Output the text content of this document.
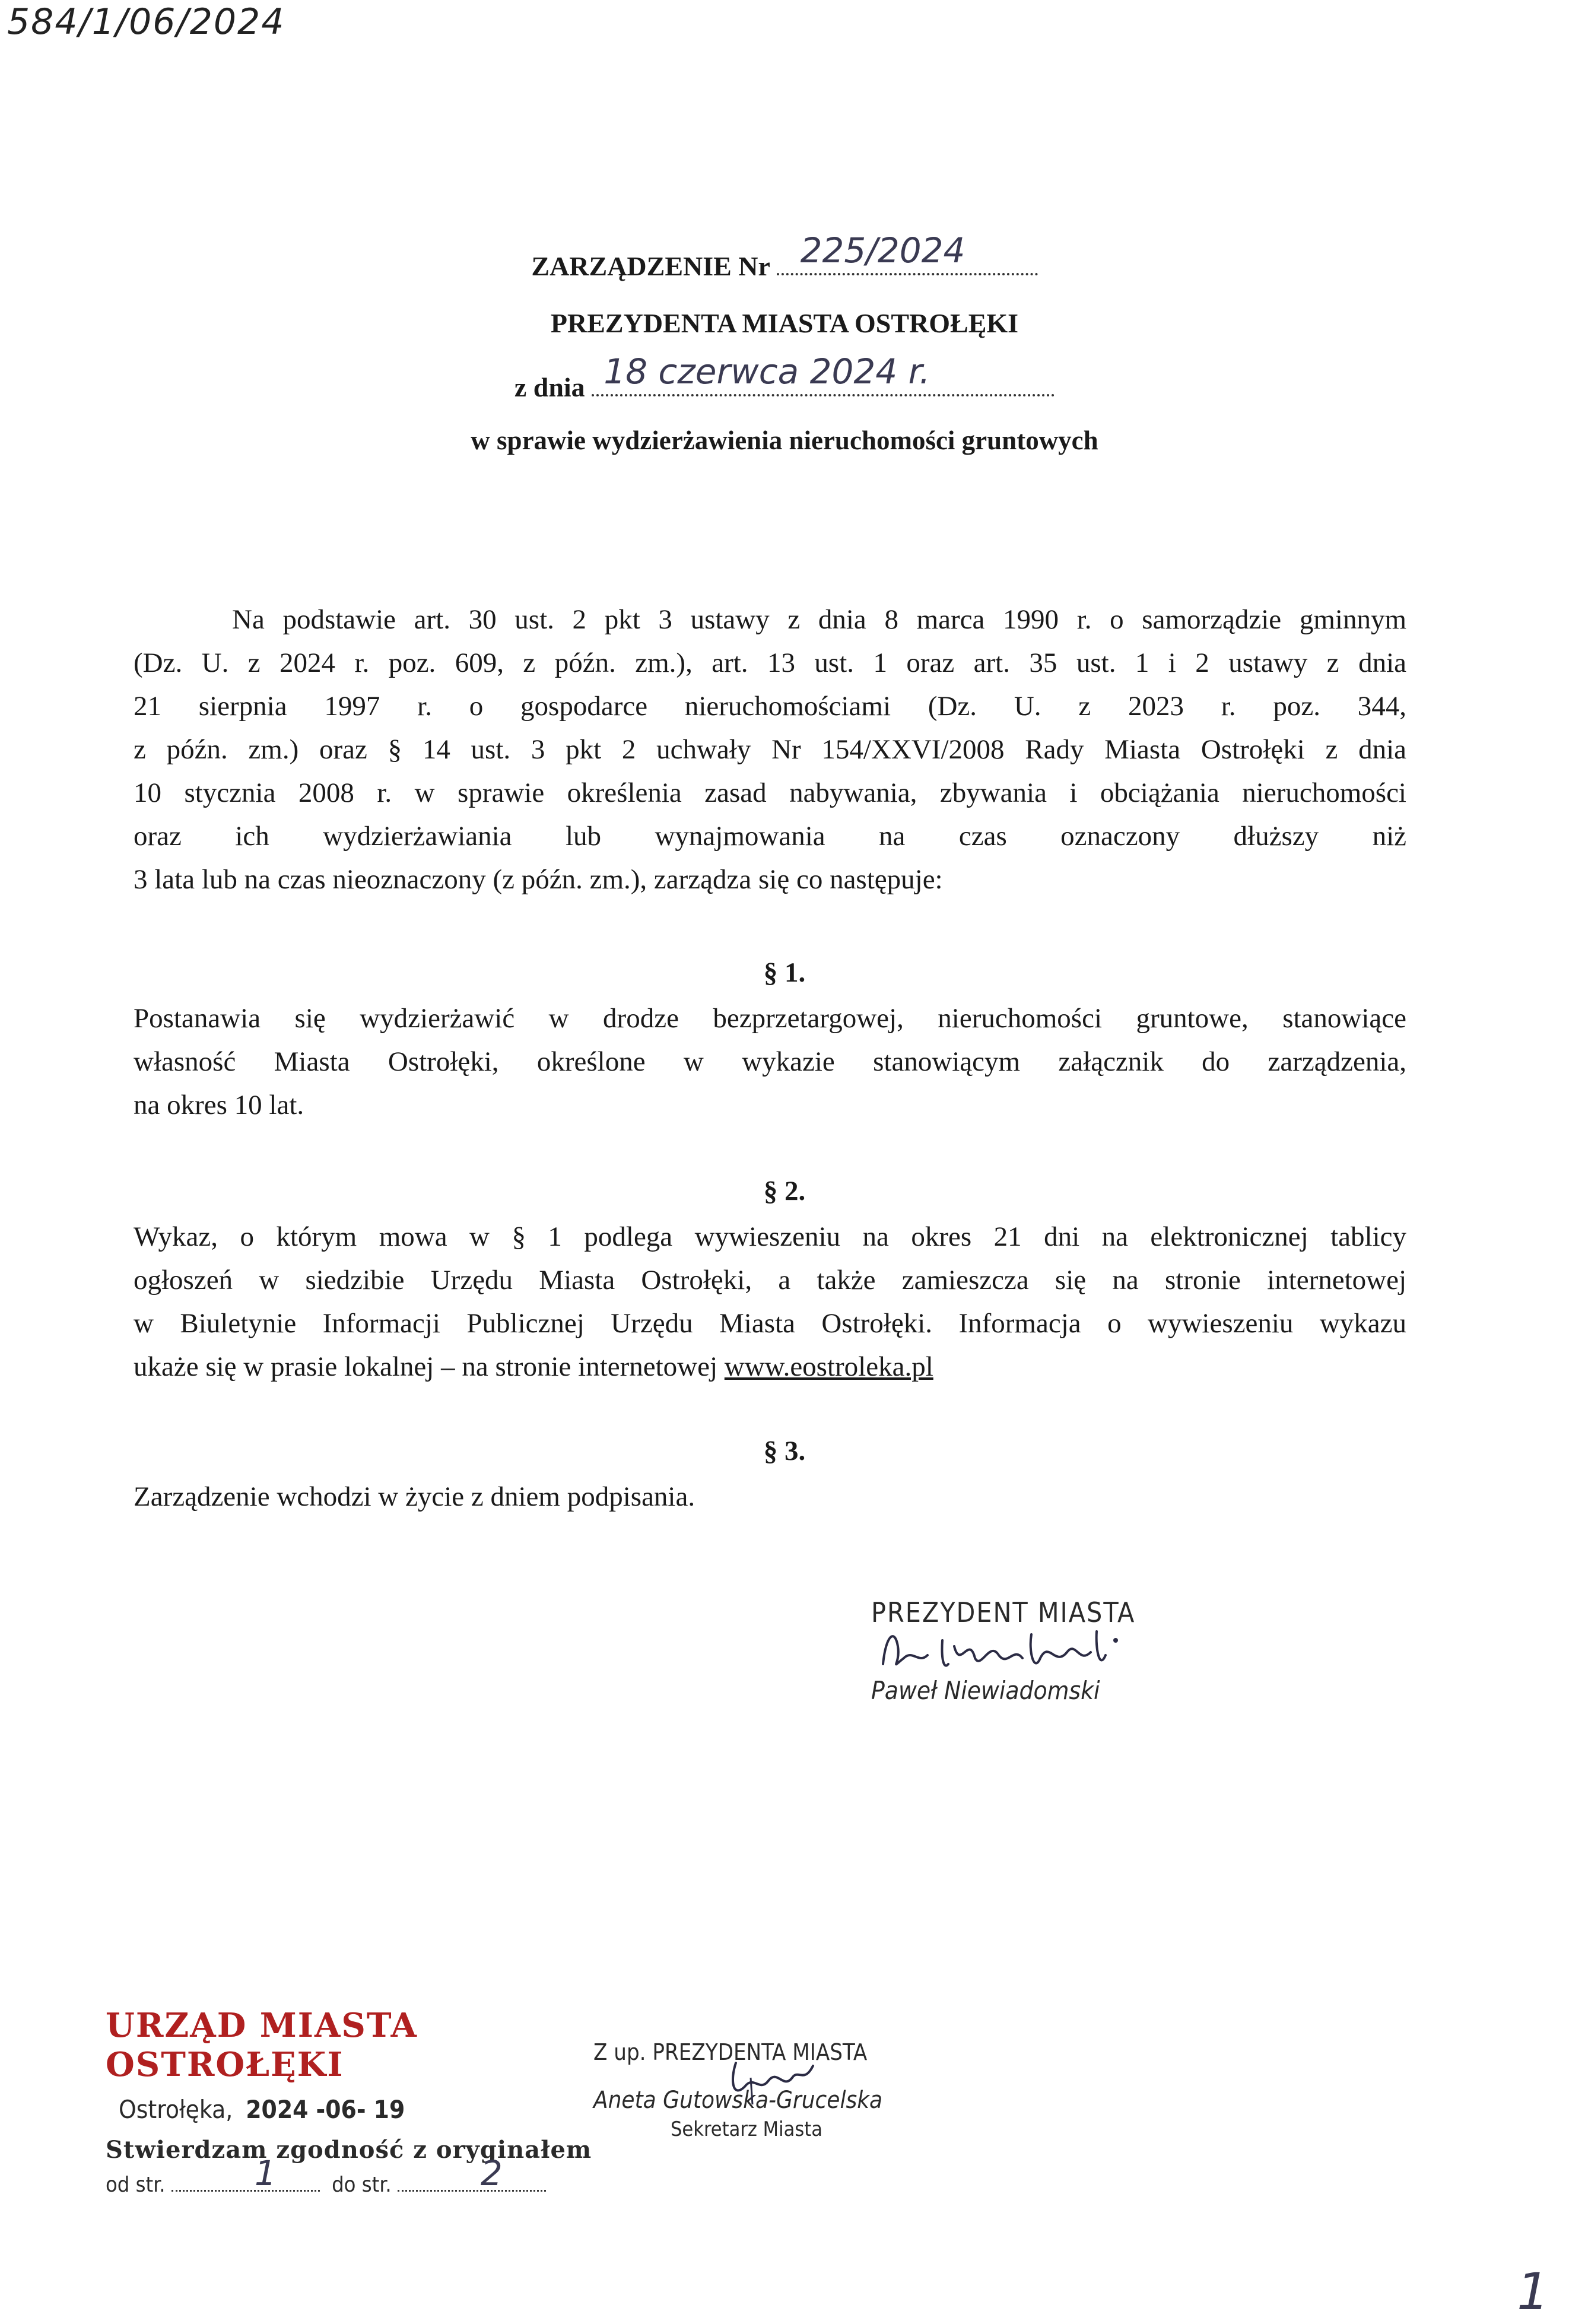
584/1/06/2024
ZARZĄDZENIE Nr 225/2024
PREZYDENTA MIASTA OSTROŁĘKI
z dnia 18 czerwca 2024 r.
w sprawie wydzierżawienia nieruchomości gruntowych
Na podstawie art. 30 ust. 2 pkt 3 ustawy z dnia 8 marca 1990 r. o samorządzie gminnym
(Dz. U. z 2024 r. poz. 609, z późn. zm.), art. 13 ust. 1 oraz art. 35 ust. 1 i 2 ustawy z dnia
21 sierpnia 1997 r. o gospodarce nieruchomościami (Dz. U. z 2023 r. poz. 344,
z późn. zm.) oraz § 14 ust. 3 pkt 2 uchwały Nr 154/XXVI/2008 Rady Miasta Ostrołęki z dnia
10 stycznia 2008 r. w sprawie określenia zasad nabywania, zbywania i obciążania nieruchomości
oraz ich wydzierżawiania lub wynajmowania na czas oznaczony dłuższy niż
3 lata lub na czas nieoznaczony (z późn. zm.), zarządza się co następuje:
§ 1.
Postanawia się wydzierżawić w drodze bezprzetargowej, nieruchomości gruntowe, stanowiące
własność Miasta Ostrołęki, określone w wykazie stanowiącym załącznik do zarządzenia,
na okres 10 lat.
§ 2.
Wykaz, o którym mowa w § 1 podlega wywieszeniu na okres 21 dni na elektronicznej tablicy
ogłoszeń w siedzibie Urzędu Miasta Ostrołęki, a także zamieszcza się na stronie internetowej
w Biuletynie Informacji Publicznej Urzędu Miasta Ostrołęki. Informacja o wywieszeniu wykazu
ukaże się w prasie lokalnej – na stronie internetowej www.eostroleka.pl
§ 3.
Zarządzenie wchodzi w życie z dniem podpisania.
PREZYDENT MIASTA
Paweł Niewiadomski
URZĄD MIASTA OSTROŁĘKI
Ostrołęka, 2024 -06- 19
Stwierdzam zgodność z oryginałem
od str.	1	do str.	2
Z up. PREZYDENTA MIASTA
Aneta Gutowska-Grucelska
Sekretarz Miasta
1
